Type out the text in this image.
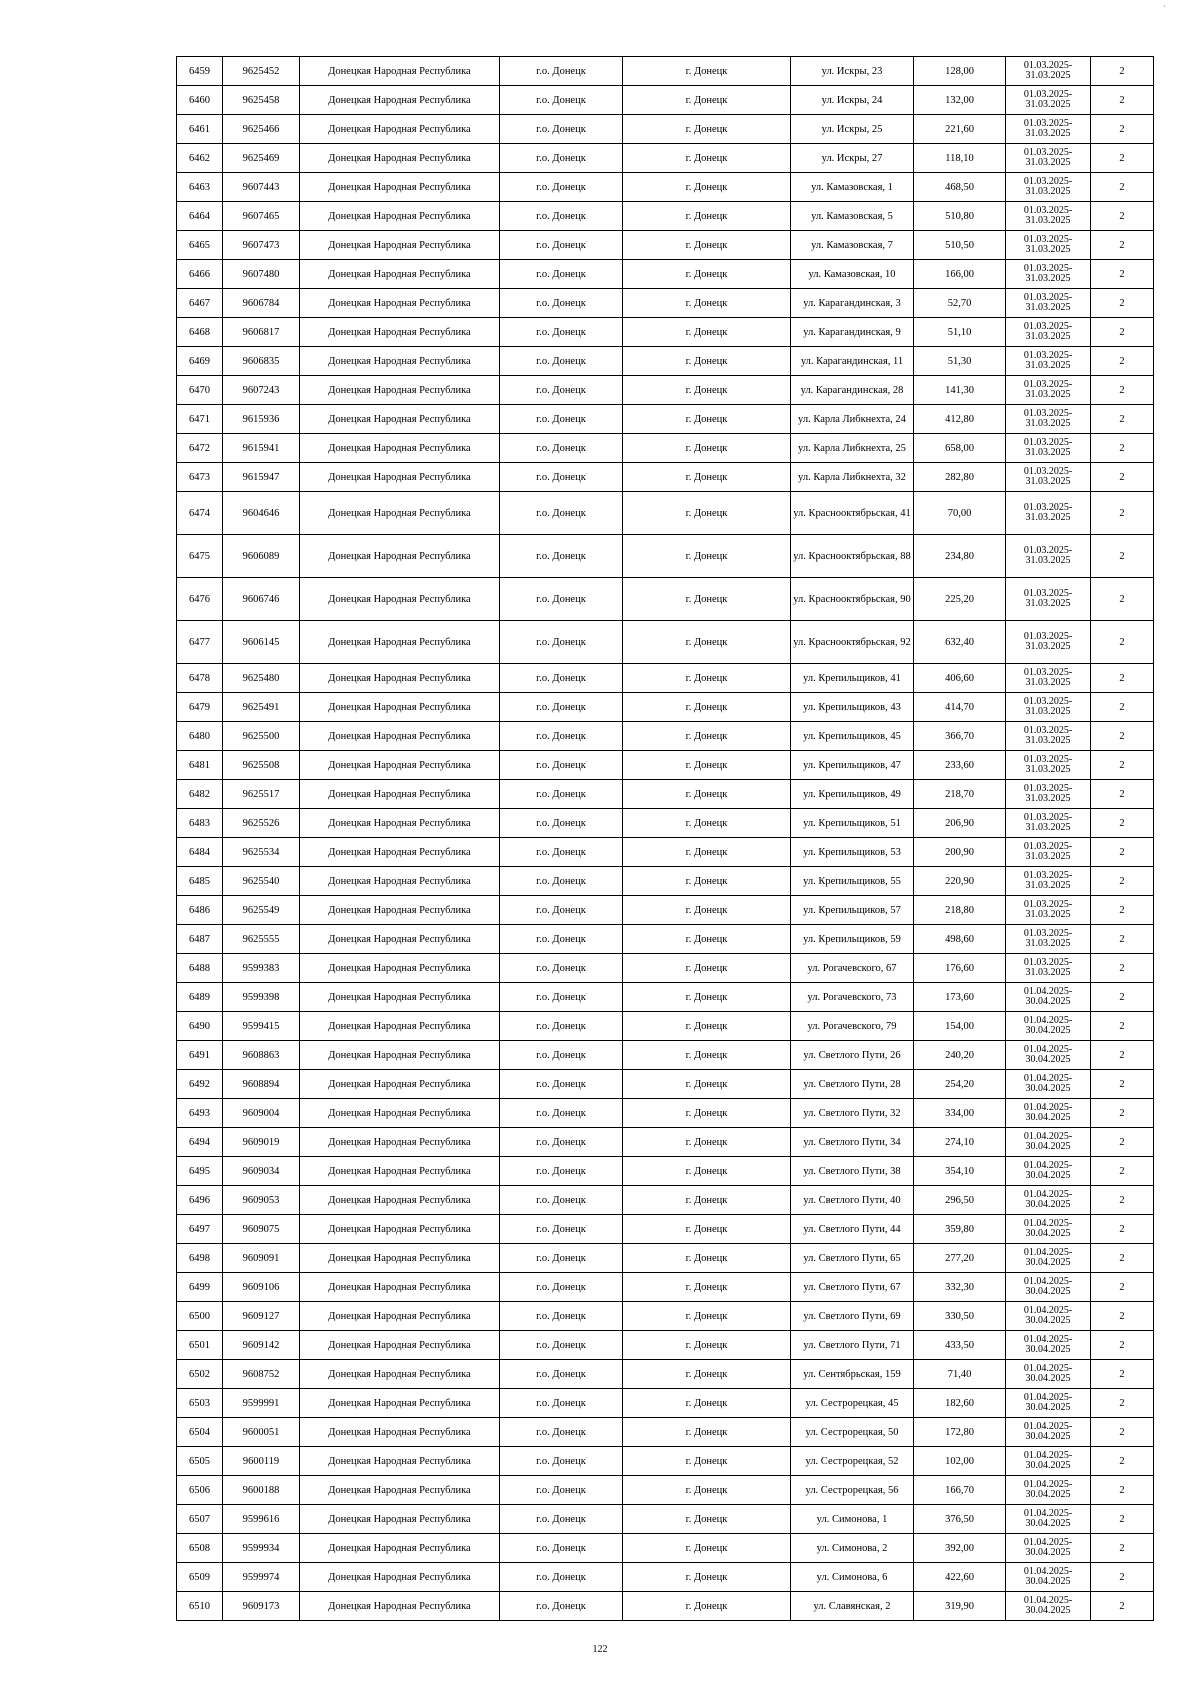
·
6459	9625452	Донецкая Народная Республика	г.о. Донецк	г. Донецк	ул. Искры, 23	128,00	01.03.2025-31.03.2025	2
6460	9625458	Донецкая Народная Республика	г.о. Донецк	г. Донецк	ул. Искры, 24	132,00	01.03.2025-31.03.2025	2
6461	9625466	Донецкая Народная Республика	г.о. Донецк	г. Донецк	ул. Искры, 25	221,60	01.03.2025-31.03.2025	2
6462	9625469	Донецкая Народная Республика	г.о. Донецк	г. Донецк	ул. Искры, 27	118,10	01.03.2025-31.03.2025	2
6463	9607443	Донецкая Народная Республика	г.о. Донецк	г. Донецк	ул. Камазовская, 1	468,50	01.03.2025-31.03.2025	2
6464	9607465	Донецкая Народная Республика	г.о. Донецк	г. Донецк	ул. Камазовская, 5	510,80	01.03.2025-31.03.2025	2
6465	9607473	Донецкая Народная Республика	г.о. Донецк	г. Донецк	ул. Камазовская, 7	510,50	01.03.2025-31.03.2025	2
6466	9607480	Донецкая Народная Республика	г.о. Донецк	г. Донецк	ул. Камазовская, 10	166,00	01.03.2025-31.03.2025	2
6467	9606784	Донецкая Народная Республика	г.о. Донецк	г. Донецк	ул. Карагандинская, 3	52,70	01.03.2025-31.03.2025	2
6468	9606817	Донецкая Народная Республика	г.о. Донецк	г. Донецк	ул. Карагандинская, 9	51,10	01.03.2025-31.03.2025	2
6469	9606835	Донецкая Народная Республика	г.о. Донецк	г. Донецк	ул. Карагандинская, 11	51,30	01.03.2025-31.03.2025	2
6470	9607243	Донецкая Народная Республика	г.о. Донецк	г. Донецк	ул. Карагандинская, 28	141,30	01.03.2025-31.03.2025	2
6471	9615936	Донецкая Народная Республика	г.о. Донецк	г. Донецк	ул. Карла Либкнехта, 24	412,80	01.03.2025-31.03.2025	2
6472	9615941	Донецкая Народная Республика	г.о. Донецк	г. Донецк	ул. Карла Либкнехта, 25	658,00	01.03.2025-31.03.2025	2
6473	9615947	Донецкая Народная Республика	г.о. Донецк	г. Донецк	ул. Карла Либкнехта, 32	282,80	01.03.2025-31.03.2025	2
6474	9604646	Донецкая Народная Республика	г.о. Донецк	г. Донецк	ул. Краснооктябрьская, 41	70,00	01.03.2025-31.03.2025	2
6475	9606089	Донецкая Народная Республика	г.о. Донецк	г. Донецк	ул. Краснооктябрьская, 88	234,80	01.03.2025-31.03.2025	2
6476	9606746	Донецкая Народная Республика	г.о. Донецк	г. Донецк	ул. Краснооктябрьская, 90	225,20	01.03.2025-31.03.2025	2
6477	9606145	Донецкая Народная Республика	г.о. Донецк	г. Донецк	ул. Краснооктябрьская, 92	632,40	01.03.2025-31.03.2025	2
6478	9625480	Донецкая Народная Республика	г.о. Донецк	г. Донецк	ул. Крепильщиков, 41	406,60	01.03.2025-31.03.2025	2
6479	9625491	Донецкая Народная Республика	г.о. Донецк	г. Донецк	ул. Крепильщиков, 43	414,70	01.03.2025-31.03.2025	2
6480	9625500	Донецкая Народная Республика	г.о. Донецк	г. Донецк	ул. Крепильщиков, 45	366,70	01.03.2025-31.03.2025	2
6481	9625508	Донецкая Народная Республика	г.о. Донецк	г. Донецк	ул. Крепильщиков, 47	233,60	01.03.2025-31.03.2025	2
6482	9625517	Донецкая Народная Республика	г.о. Донецк	г. Донецк	ул. Крепильщиков, 49	218,70	01.03.2025-31.03.2025	2
6483	9625526	Донецкая Народная Республика	г.о. Донецк	г. Донецк	ул. Крепильщиков, 51	206,90	01.03.2025-31.03.2025	2
6484	9625534	Донецкая Народная Республика	г.о. Донецк	г. Донецк	ул. Крепильщиков, 53	200,90	01.03.2025-31.03.2025	2
6485	9625540	Донецкая Народная Республика	г.о. Донецк	г. Донецк	ул. Крепильщиков, 55	220,90	01.03.2025-31.03.2025	2
6486	9625549	Донецкая Народная Республика	г.о. Донецк	г. Донецк	ул. Крепильщиков, 57	218,80	01.03.2025-31.03.2025	2
6487	9625555	Донецкая Народная Республика	г.о. Донецк	г. Донецк	ул. Крепильщиков, 59	498,60	01.03.2025-31.03.2025	2
6488	9599383	Донецкая Народная Республика	г.о. Донецк	г. Донецк	ул. Рогачевского, 67	176,60	01.03.2025-31.03.2025	2
6489	9599398	Донецкая Народная Республика	г.о. Донецк	г. Донецк	ул. Рогачевского, 73	173,60	01.04.2025-30.04.2025	2
6490	9599415	Донецкая Народная Республика	г.о. Донецк	г. Донецк	ул. Рогачевского, 79	154,00	01.04.2025-30.04.2025	2
6491	9608863	Донецкая Народная Республика	г.о. Донецк	г. Донецк	ул. Светлого Пути, 26	240,20	01.04.2025-30.04.2025	2
6492	9608894	Донецкая Народная Республика	г.о. Донецк	г. Донецк	ул. Светлого Пути, 28	254,20	01.04.2025-30.04.2025	2
6493	9609004	Донецкая Народная Республика	г.о. Донецк	г. Донецк	ул. Светлого Пути, 32	334,00	01.04.2025-30.04.2025	2
6494	9609019	Донецкая Народная Республика	г.о. Донецк	г. Донецк	ул. Светлого Пути, 34	274,10	01.04.2025-30.04.2025	2
6495	9609034	Донецкая Народная Республика	г.о. Донецк	г. Донецк	ул. Светлого Пути, 38	354,10	01.04.2025-30.04.2025	2
6496	9609053	Донецкая Народная Республика	г.о. Донецк	г. Донецк	ул. Светлого Пути, 40	296,50	01.04.2025-30.04.2025	2
6497	9609075	Донецкая Народная Республика	г.о. Донецк	г. Донецк	ул. Светлого Пути, 44	359,80	01.04.2025-30.04.2025	2
6498	9609091	Донецкая Народная Республика	г.о. Донецк	г. Донецк	ул. Светлого Пути, 65	277,20	01.04.2025-30.04.2025	2
6499	9609106	Донецкая Народная Республика	г.о. Донецк	г. Донецк	ул. Светлого Пути, 67	332,30	01.04.2025-30.04.2025	2
6500	9609127	Донецкая Народная Республика	г.о. Донецк	г. Донецк	ул. Светлого Пути, 69	330,50	01.04.2025-30.04.2025	2
6501	9609142	Донецкая Народная Республика	г.о. Донецк	г. Донецк	ул. Светлого Пути, 71	433,50	01.04.2025-30.04.2025	2
6502	9608752	Донецкая Народная Республика	г.о. Донецк	г. Донецк	ул. Сентябрьская, 159	71,40	01.04.2025-30.04.2025	2
6503	9599991	Донецкая Народная Республика	г.о. Донецк	г. Донецк	ул. Сестрорецкая, 45	182,60	01.04.2025-30.04.2025	2
6504	9600051	Донецкая Народная Республика	г.о. Донецк	г. Донецк	ул. Сестрорецкая, 50	172,80	01.04.2025-30.04.2025	2
6505	9600119	Донецкая Народная Республика	г.о. Донецк	г. Донецк	ул. Сестрорецкая, 52	102,00	01.04.2025-30.04.2025	2
6506	9600188	Донецкая Народная Республика	г.о. Донецк	г. Донецк	ул. Сестрорецкая, 56	166,70	01.04.2025-30.04.2025	2
6507	9599616	Донецкая Народная Республика	г.о. Донецк	г. Донецк	ул. Симонова, 1	376,50	01.04.2025-30.04.2025	2
6508	9599934	Донецкая Народная Республика	г.о. Донецк	г. Донецк	ул. Симонова, 2	392,00	01.04.2025-30.04.2025	2
6509	9599974	Донецкая Народная Республика	г.о. Донецк	г. Донецк	ул. Симонова, 6	422,60	01.04.2025-30.04.2025	2
6510	9609173	Донецкая Народная Республика	г.о. Донецк	г. Донецк	ул. Славянская, 2	319,90	01.04.2025-30.04.2025	2
122
